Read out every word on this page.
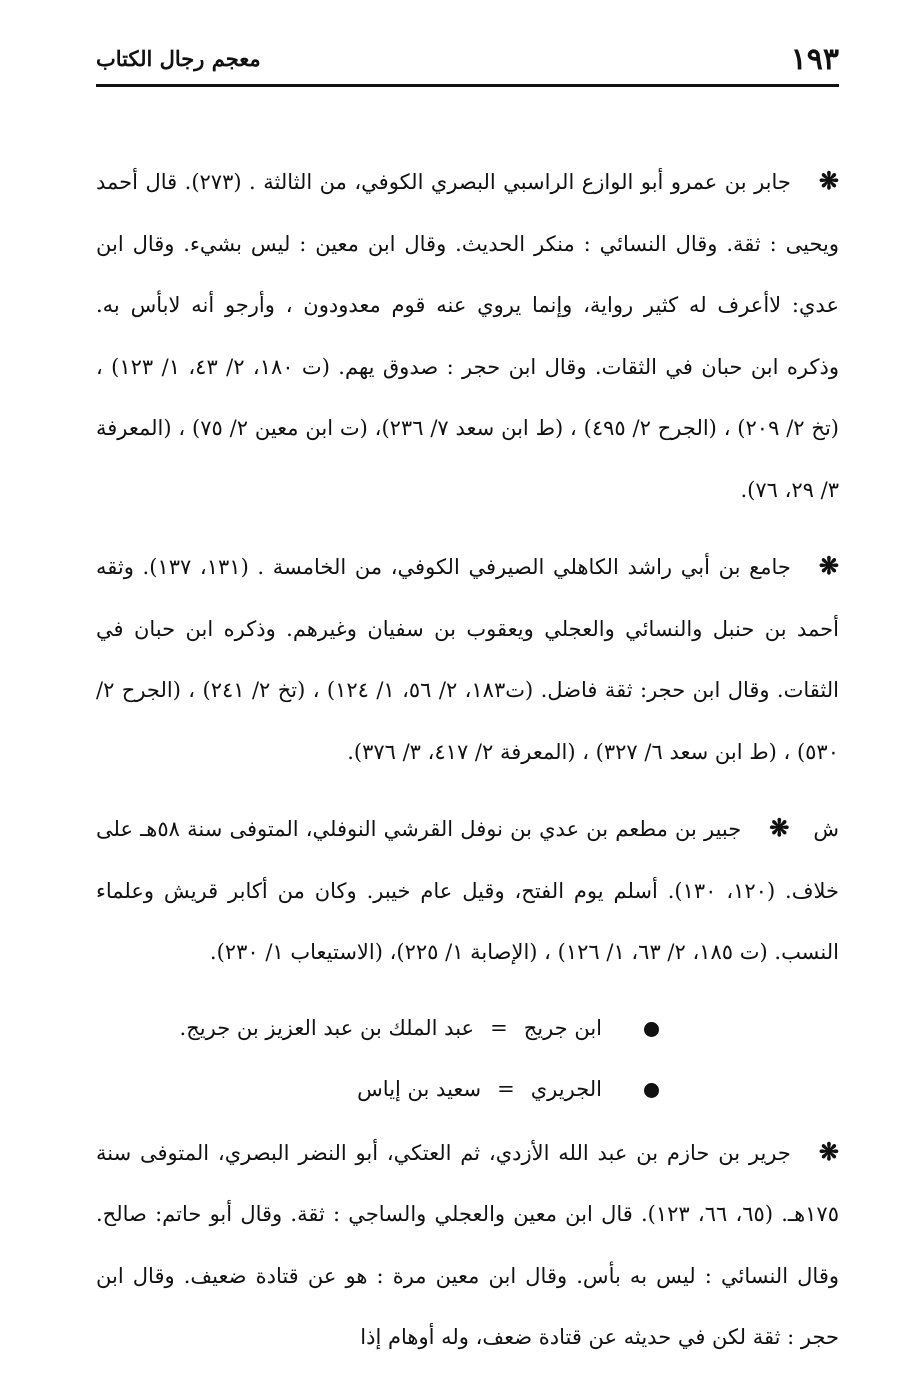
١٩٣
معجم رجال الكتاب

❋جابر بن عمرو أبو الوازع الراسبي البصري الكوفي، من الثالثة . (٢٧٣). قال أحمد ويحيى : ثقة. وقال النسائي : منكر الحديث. وقال ابن معين : ليس بشيء. وقال ابن عدي: لاأعرف له كثير رواية، وإنما يروي عنه قوم معدودون ، وأرجو أنه لابأس به. وذكره ابن حبان في الثقات. وقال ابن حجر : صدوق يهم. (ت ١٨٠، ٢/ ٤٣، ١/ ١٢٣) ، (تخ ٢/ ٢٠٩) ، (الجرح ٢/ ٤٩٥) ، (ط ابن سعد ٧/ ٢٣٦)، (ت ابن معين ٢/ ٧٥) ، (المعرفة ٣/ ٢٩، ٧٦).

❋جامع بن أبي راشد الكاهلي الصيرفي الكوفي، من الخامسة . (١٣١، ١٣٧). وثقه أحمد بن حنبل والنسائي والعجلي ويعقوب بن سفيان وغيرهم. وذكره ابن حبان في الثقات. وقال ابن حجر: ثقة فاضل. (ت١٨٣، ٢/ ٥٦، ١/ ١٢٤) ، (تخ ٢/ ٢٤١) ، (الجرح ٢/ ٥٣٠) ، (ط ابن سعد ٦/ ٣٢٧) ، (المعرفة ٢/ ٤١٧، ٣/ ٣٧٦).

ش❋جبير بن مطعم بن عدي بن نوفل القرشي النوفلي، المتوفى سنة ٥٨هـ على خلاف. (١٢٠، ١٣٠). أسلم يوم الفتح، وقيل عام خيبر. وكان من أكابر قريش وعلماء النسب. (ت ١٨٥، ٢/ ٦٣، ١/ ١٢٦) ، (الإصابة ١/ ٢٢٥)، (الاستيعاب ١/ ٢٣٠).

ابن جريج=عبد الملك بن عبد العزيز بن جريج.

الجريري=سعيد بن إياس

❋جرير بن حازم بن عبد الله الأزدي، ثم العتكي، أبو النضر البصري، المتوفى سنة ١٧٥هـ. (٦٥، ٦٦، ١٢٣). قال ابن معين والعجلي والساجي : ثقة. وقال أبو حاتم: صالح. وقال النسائي : ليس به بأس. وقال ابن معين مرة : هو عن قتادة ضعيف. وقال ابن حجر : ثقة لكن في حديثه عن قتادة ضعف، وله أوهام إذا
